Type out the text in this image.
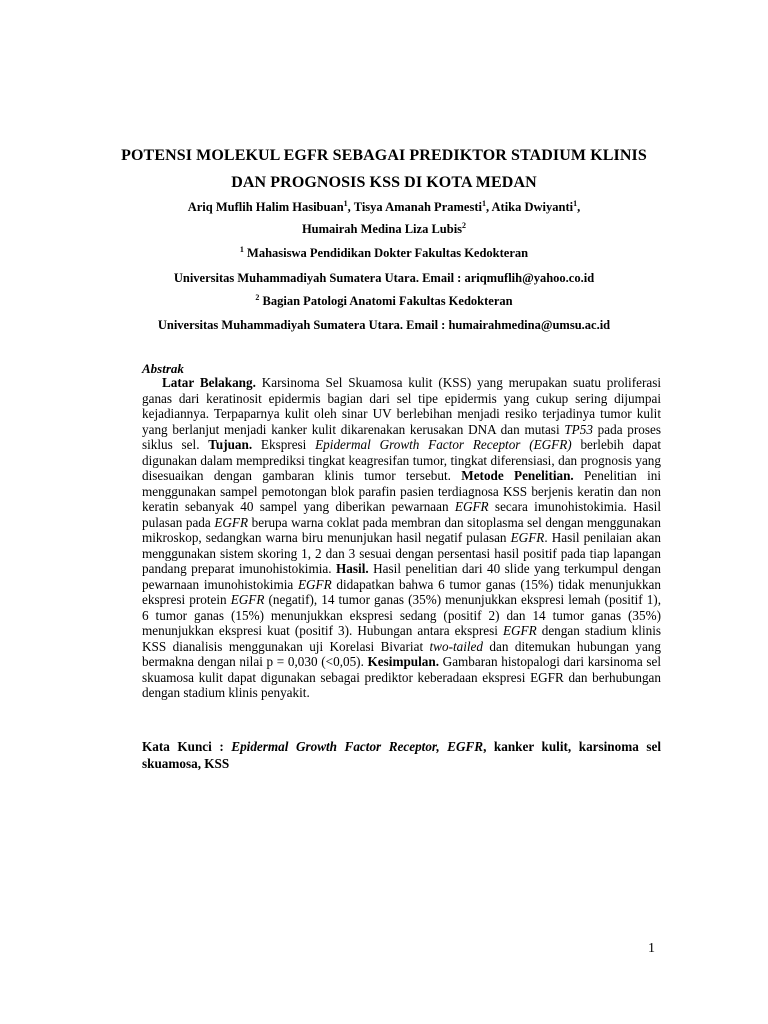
POTENSI MOLEKUL EGFR SEBAGAI PREDIKTOR STADIUM KLINIS
DAN PROGNOSIS KSS DI KOTA MEDAN
Ariq Muflih Halim Hasibuan$^1$, Tisya Amanah Pramesti$^1$, Atika Dwiyanti$^1$,
Humairah Medina Liza Lubis$^2$
$^1$ Mahasiswa Pendidikan Dokter Fakultas Kedokteran
Universitas Muhammadiyah Sumatera Utara. Email : ariqmuflih@yahoo.co.id
$^2$ Bagian Patologi Anatomi Fakultas Kedokteran
Universitas Muhammadiyah Sumatera Utara. Email : humairahmedina@umsu.ac.id
Abstrak

Latar Belakang. Karsinoma Sel Skuamosa kulit (KSS) yang merupakan suatu proliferasi ganas dari keratinosit epidermis bagian dari sel tipe epidermis yang cukup sering dijumpai kejadiannya. Terpaparnya kulit oleh sinar UV berlebihan menjadi resiko terjadinya tumor kulit yang berlanjut menjadi kanker kulit dikarenakan kerusakan DNA dan mutasi TP53 pada proses siklus sel. Tujuan. Ekspresi Epidermal Growth Factor Receptor (EGFR) berlebih dapat digunakan dalam memprediksi tingkat keagresifan tumor, tingkat diferensiasi, dan prognosis yang disesuaikan dengan gambaran klinis tumor tersebut. Metode Penelitian. Penelitian ini menggunakan sampel pemotongan blok parafin pasien terdiagnosa KSS berjenis keratin dan non keratin sebanyak 40 sampel yang diberikan pewarnaan EGFR secara imunohistokimia. Hasil pulasan pada EGFR berupa warna coklat pada membran dan sitoplasma sel dengan menggunakan mikroskop, sedangkan warna biru menunjukan hasil negatif pulasan EGFR. Hasil penilaian akan menggunakan sistem skoring 1, 2 dan 3 sesuai dengan persentasi hasil positif pada tiap lapangan pandang preparat imunohistokimia. Hasil. Hasil penelitian dari 40 slide yang terkumpul dengan pewarnaan imunohistokimia EGFR didapatkan bahwa 6 tumor ganas (15%) tidak menunjukkan ekspresi protein EGFR (negatif), 14 tumor ganas (35%) menunjukkan ekspresi lemah (positif 1), 6 tumor ganas (15%) menunjukkan ekspresi sedang (positif 2) dan 14 tumor ganas (35%) menunjukkan ekspresi kuat (positif 3). Hubungan antara ekspresi EGFR dengan stadium klinis KSS dianalisis menggunakan uji Korelasi Bivariat two-tailed dan ditemukan hubungan yang bermakna dengan nilai p = 0,030 (<0,05). Kesimpulan. Gambaran histopalogi dari karsinoma sel skuamosa kulit dapat digunakan sebagai prediktor keberadaan ekspresi EGFR dan berhubungan dengan stadium klinis penyakit.

Kata Kunci : Epidermal Growth Factor Receptor, EGFR, kanker kulit, karsinoma sel skuamosa, KSS

1
